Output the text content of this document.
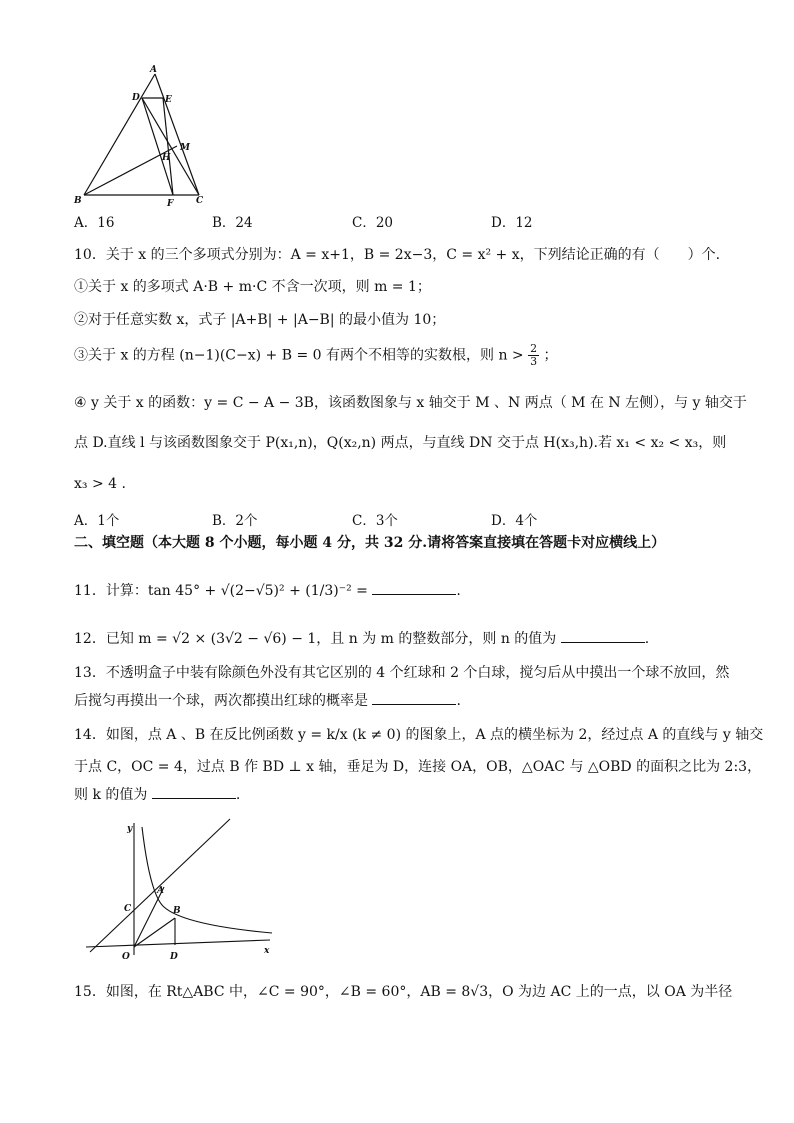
A
D	E
M
H
B	F	C
A．16	B．24	C．20	D．12
10．关于 x 的三个多项式分别为：A = x+1，B = 2x−3，C = x² + x，下列结论正确的有（　　）个.
①关于 x 的多项式 A·B + m·C 不含一次项，则 m = 1；
②对于任意实数 x，式子 |A+B| + |A−B| 的最小值为 10；
③关于 x 的方程 (n−1)(C−x) + B = 0 有两个不相等的实数根，则 $n > \frac{2}{3}$ ；
④ y 关于 x 的函数：y = C − A − 3B，该函数图象与 x 轴交于 M 、N 两点（ M 在 N 左侧），与 y 轴交于
点 D.直线 l 与该函数图象交于 P(x₁,n)，Q(x₂,n) 两点，与直线 DN 交于点 H(x₃,h).若 x₁ < x₂ < x₃，则
x₃ > 4 .
A．1个	B．2个	C．3个	D．4个
二、填空题（本大题 8 个小题，每小题 4 分，共 32 分.请将答案直接填在答题卡对应横线上）
11．计算：tan 45° + √(2−√5)² + (1/3)⁻² =	.
12．已知 m = √2 × (3√2 − √6) − 1，且 n 为 m 的整数部分，则 n 的值为	.
13．不透明盒子中装有除颜色外没有其它区别的 4 个红球和 2 个白球，搅匀后从中摸出一个球不放回，然
后搅匀再摸出一个球，两次都摸出红球的概率是	.
14．如图，点 A 、B 在反比例函数 y = k/x (k ≠ 0) 的图象上，A 点的横坐标为 2，经过点 A 的直线与 y 轴交
于点 C，OC = 4，过点 B 作 BD ⊥ x 轴，垂足为 D，连接 OA，OB，△OAC 与 △OBD 的面积之比为 2:3，
则 k 的值为	.
y
x
A
B
C
O	D
15．如图，在 Rt△ABC 中，∠C = 90°，∠B = 60°，AB = 8√3，O 为边 AC 上的一点，以 OA 为半径
